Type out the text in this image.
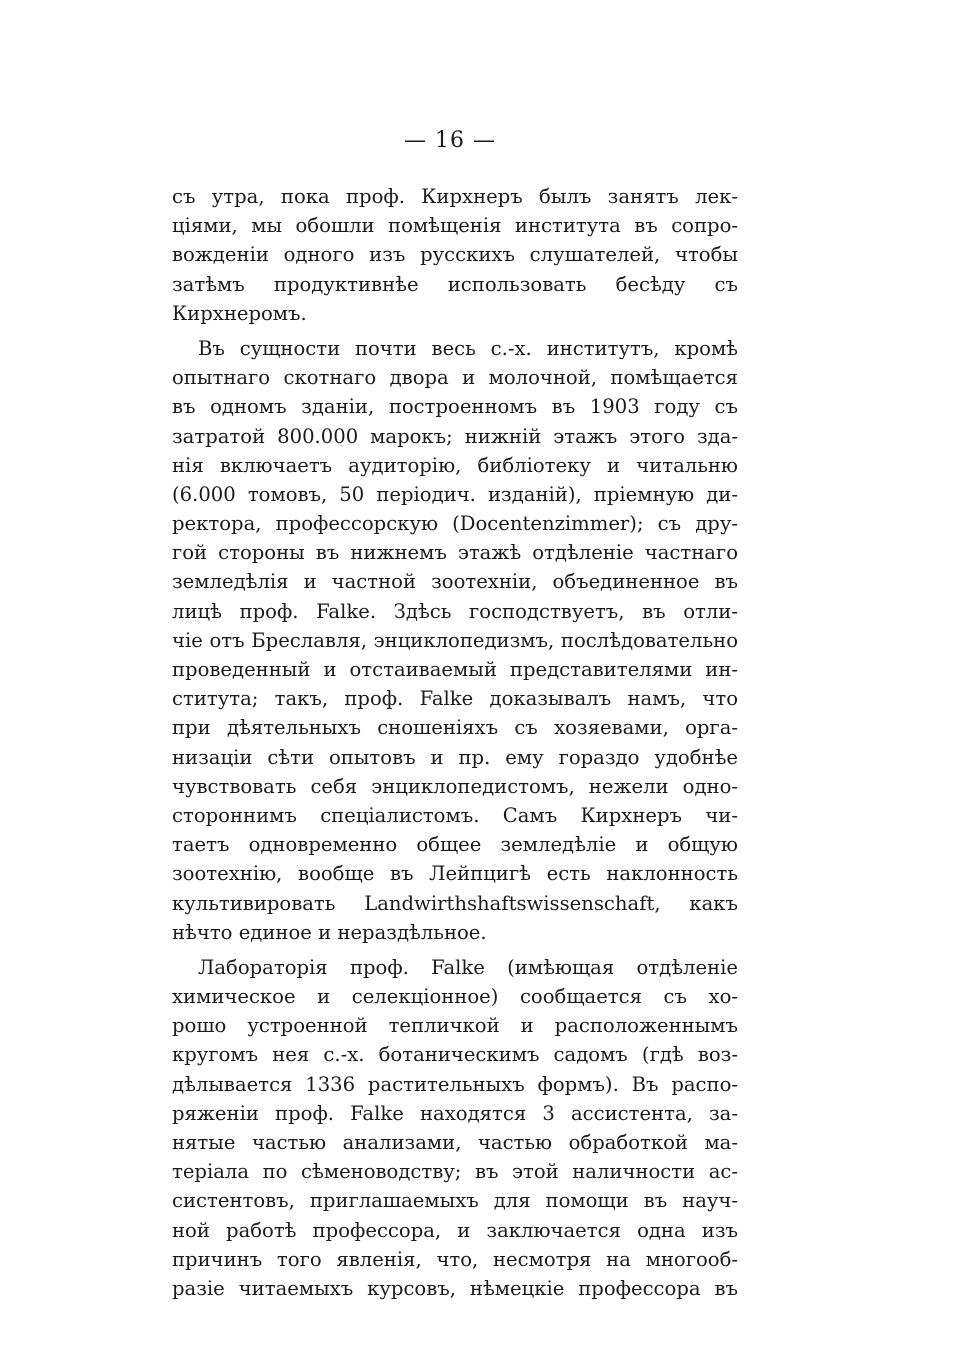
— 16 —
съ утра, пока проф. Кирхнеръ былъ занятъ лек-
ціями, мы обошли помѣщенія института въ сопро-
вожденіи одного изъ русскихъ слушателей, чтобы
затѣмъ продуктивнѣе использовать бесѣду съ
Кирхнеромъ.
Въ сущности почти весь с.-х. институтъ, кромѣ
опытнаго скотнаго двора и молочной, помѣщается
въ одномъ зданіи, построенномъ въ 1903 году съ
затратой 800.000 марокъ; нижній этажъ этого зда-
нія включаетъ аудиторію, библіотеку и читальню
(6.000 томовъ, 50 періодич. изданій), пріемную ди-
ректора, профессорскую (Docentenzimmer); съ дру-
гой стороны въ нижнемъ этажѣ отдѣленіе частнаго
земледѣлія и частной зоотехніи, объединенное въ
лицѣ проф. Falke. Здѣсь господствуетъ, въ отли-
чіе отъ Бреславля, энциклопедизмъ, послѣдовательно
проведенный и отстаиваемый представителями ин-
ститута; такъ, проф. Falke доказывалъ намъ, что
при дѣятельныхъ сношеніяхъ съ хозяевами, орга-
низаціи сѣти опытовъ и пр. ему гораздо удобнѣе
чувствовать себя энциклопедистомъ, нежели одно-
стороннимъ спеціалистомъ. Самъ Кирхнеръ чи-
таетъ одновременно общее земледѣліе и общую
зоотехнію, вообще въ Лейпцигѣ есть наклонность
культивировать Landwirthshaftswissenschaft, какъ
нѣчто единое и нераздѣльное.
Лабораторія проф. Falke (имѣющая отдѣленіе
химическое и селекціонное) сообщается съ хо-
рошо устроенной тепличкой и расположеннымъ
кругомъ нея с.-х. ботаническимъ садомъ (гдѣ воз-
дѣлывается 1336 растительныхъ формъ). Въ распо-
ряженіи проф. Falke находятся 3 ассистента, за-
нятые частью анализами, частью обработкой ма-
теріала по сѣменоводству; въ этой наличности ас-
систентовъ, приглашаемыхъ для помощи въ науч-
ной работѣ профессора, и заключается одна изъ
причинъ того явленія, что, несмотря на многооб-
разіе читаемыхъ курсовъ, нѣмецкіе профессора въ
